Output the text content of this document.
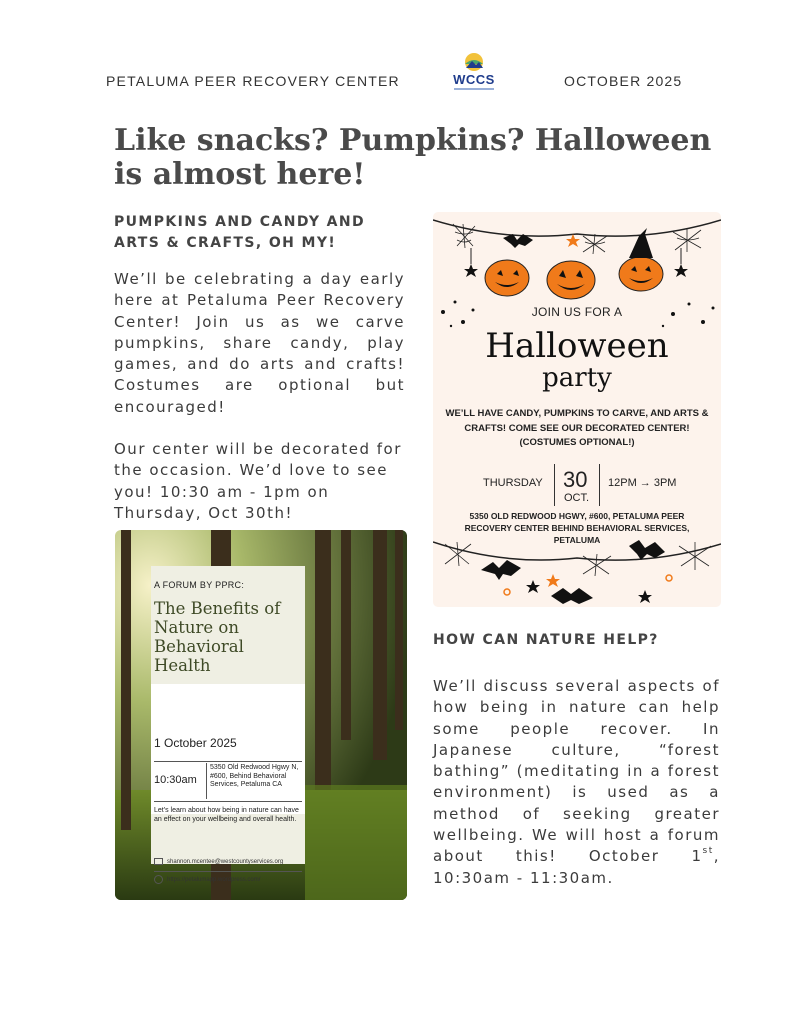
PETALUMA PEER RECOVERY CENTER	WCCS	OCTOBER 2025
Like snacks? Pumpkins? Halloween is almost here!
PUMPKINS AND CANDY AND ARTS & CRAFTS, OH MY!

We’ll be celebrating a day early here at Petaluma Peer Recovery Center! Join us as we carve pumpkins, share candy, play games, and do arts and crafts! Costumes are optional but encouraged!

Our center will be decorated for the occasion. We’d love to see you! 10:30 am - 1pm on Thursday, Oct 30th!

JOIN US FOR A
Halloween
party
WE’LL HAVE CANDY, PUMPKINS TO CARVE, AND ARTS & CRAFTS! COME SEE OUR DECORATED CENTER! (COSTUMES OPTIONAL!)
THURSDAY 30
OCT.
12PM → 3PM
5350 OLD REDWOOD HGWY, #600, PETALUMA PEER RECOVERY CENTER BEHIND BEHAVIORAL SERVICES, PETALUMA
A FORUM BY PPRC:
The Benefits of Nature on Behavioral Health
1 October 2025
10:30am
5350 Old Redwood Hgwy N, #600, Behind Behavioral Services, Petaluma CA
Let's learn about how being in nature can have an effect on your wellbeing and overall health.
shannon.mcentee@westcountyservices.org
https://petalumapp.wordpress.com/
HOW CAN NATURE HELP?

We’ll discuss several aspects of how being in nature can help some people recover. In Japanese culture, “forest bathing” (meditating in a forest environment) is used as a method of seeking greater wellbeing. We will host a forum about this! October 1st, 10:30am - 11:30am.
